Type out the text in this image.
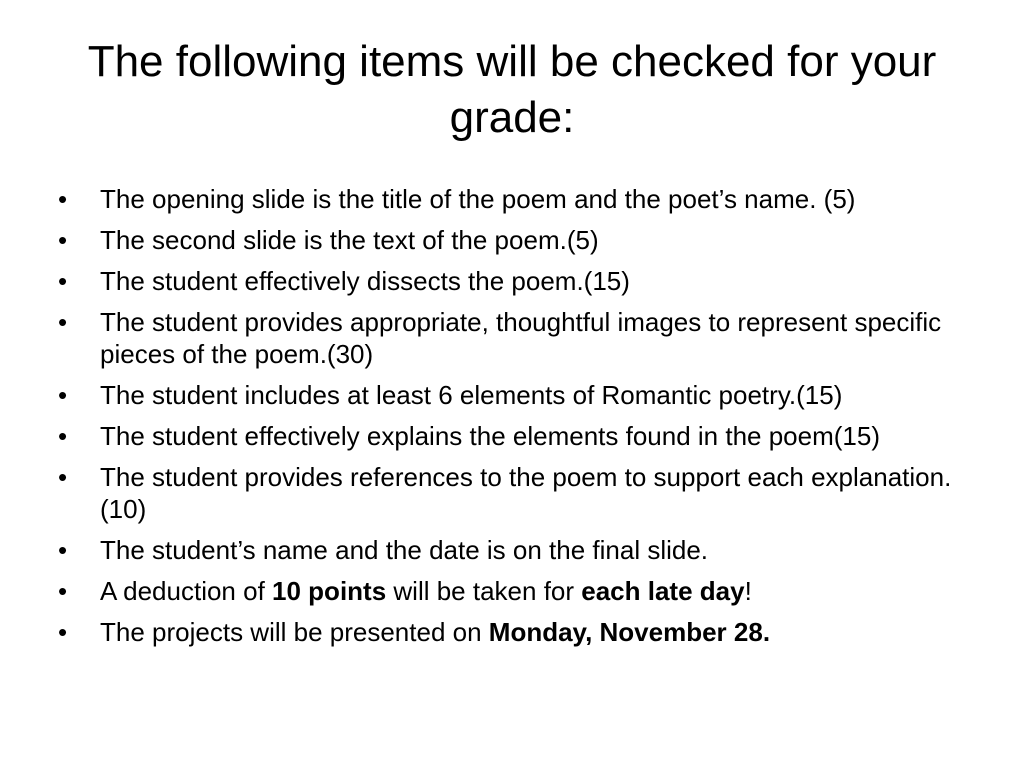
The following items will be checked for your grade:
•	The opening slide is the title of the poem and the poet’s name. (5)
•	The second slide is the text of the poem.(5)
•	The student effectively dissects the poem.(15)
•	The student provides appropriate, thoughtful images to represent specific pieces of the poem.(30)
•	The student includes at least 6 elements of Romantic poetry.(15)
•	The student effectively explains the elements found in the poem(15)
•	The student provides references to the poem to support each explanation. (10)
•	The student’s name and the date is on the final slide.
•	A deduction of 10 points will be taken for each late day!
•	The projects will be presented on Monday, November 28.
